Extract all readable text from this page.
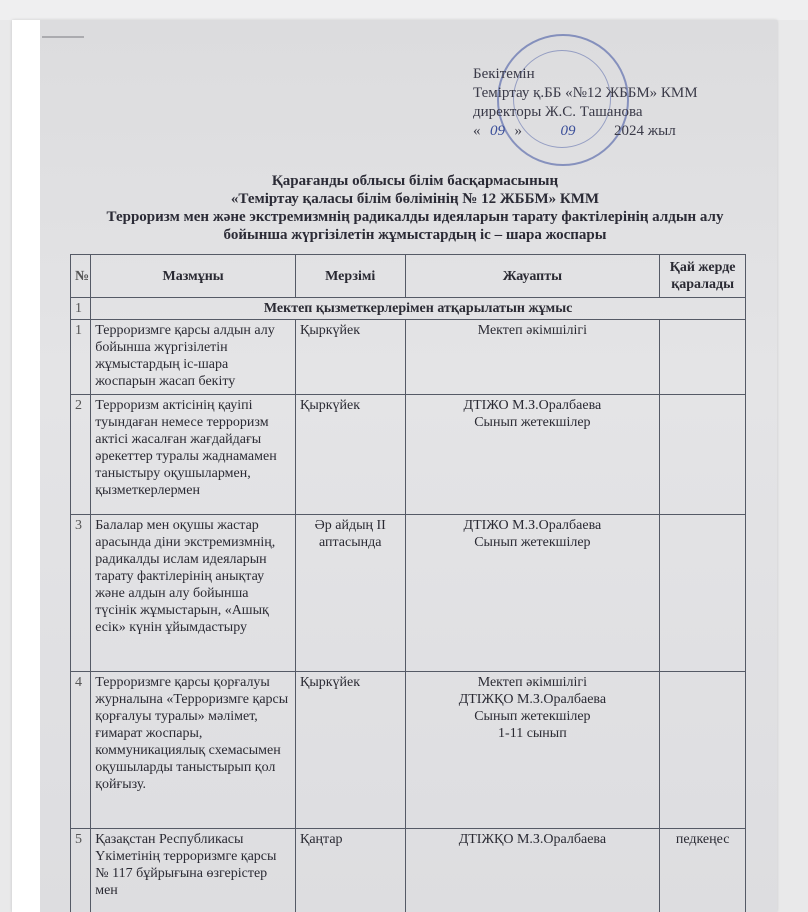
Бекітемін
Теміртау қ.ББ «№12 ЖББМ» КММ
директоры Ж.С. Ташанова
« 09 »	09	2024 жыл
Қарағанды облысы білім басқармасының
«Теміртау қаласы білім бөлімінің № 12 ЖББМ» КММ
Терроризм мен және экстремизмнің радикалды идеяларын тарату фактілерінің алдын алу
бойынша жүргізілетін жұмыстардың іс – шара жоспары
№	Мазмұны	Мерзімі	Жауапты	Қай жерде қаралады
1	Мектеп қызметкерлерімен атқарылатын жұмыс			
1	Терроризмге қарсы алдын алу бойынша жүргізілетін жұмыстардың іс-шара жоспарын жасап бекіту	Қыркүйек	Мектеп әкімшілігі	

2	Терроризм актісінің қауіпі туындаған немесе терроризм актісі жасалған жағдайдағы әрекеттер туралы жаднамамен таныстыру оқушылармен, қызметкерлермен	Қыркүйек	ДТІЖО М.З.Оралбаева
Сынып жетекшілер	

3	Балалар мен оқушы жастар арасында діни экстремизмнің, радикалды ислам идеяларын тарату фактілерінің анықтау және алдын алу бойынша түсінік жұмыстарын, «Ашық есік» күнін ұйымдастыру	Әр айдың ІІ аптасында	ДТІЖО М.З.Оралбаева
Сынып жетекшілер	

4	Терроризмге қарсы қорғалуы журналына «Терроризмге қарсы қорғалуы туралы» мәлімет, ғимарат жоспары, коммуникациялық схемасымен оқушыларды таныстырып қол қойғызу.	Қыркүйек	Мектеп әкімшілігі
ДТІЖҚО М.З.Оралбаева
Сынып жетекшілер
1-11 сынып	

5	Қазақстан Республикасы Үкіметінің терроризмге қарсы № 117 бұйрығына өзгерістер мен	Қаңтар	ДТІЖҚО М.З.Оралбаева	педкеңес
